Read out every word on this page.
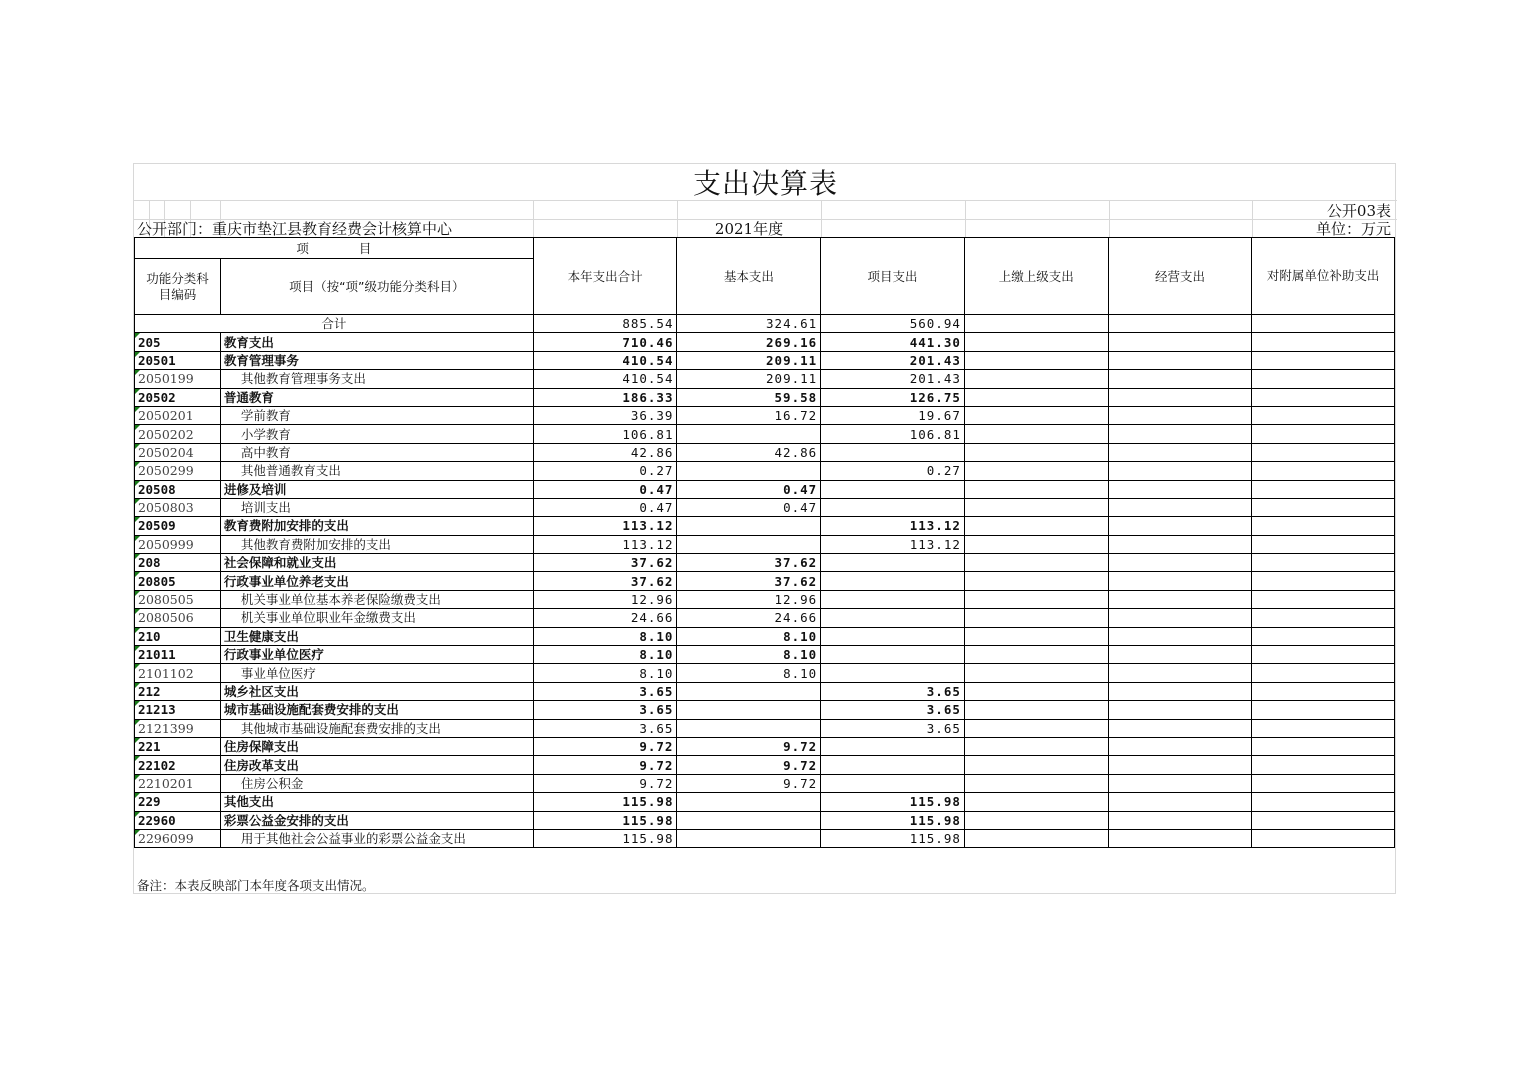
支出决算表
公开03表
公开部门：重庆市垫江县教育经费会计核算中心	2021年度	单位：万元
项　　　　目		本年支出合计	基本支出	项目支出	上缴上级支出	经营支出	对附属单位补助支出
功能分类科目编码	项目（按“项”级功能分类科目）						
合计		885.54	324.61	560.94			
205	教育支出	710.46	269.16	441.30			
20501	教育管理事务	410.54	209.11	201.43			
2050199	其他教育管理事务支出	410.54	209.11	201.43			
20502	普通教育	186.33	59.58	126.75			
2050201	学前教育	36.39	16.72	19.67			
2050202	小学教育	106.81		106.81			
2050204	高中教育	42.86	42.86				
2050299	其他普通教育支出	0.27		0.27			
20508	进修及培训	0.47	0.47				
2050803	培训支出	0.47	0.47				
20509	教育费附加安排的支出	113.12		113.12			
2050999	其他教育费附加安排的支出	113.12		113.12			
208	社会保障和就业支出	37.62	37.62				
20805	行政事业单位养老支出	37.62	37.62				
2080505	机关事业单位基本养老保险缴费支出	12.96	12.96				
2080506	机关事业单位职业年金缴费支出	24.66	24.66				
210	卫生健康支出	8.10	8.10				
21011	行政事业单位医疗	8.10	8.10				
2101102	事业单位医疗	8.10	8.10				
212	城乡社区支出	3.65		3.65			
21213	城市基础设施配套费安排的支出	3.65		3.65			
2121399	其他城市基础设施配套费安排的支出	3.65		3.65			
221	住房保障支出	9.72	9.72				
22102	住房改革支出	9.72	9.72				
2210201	住房公积金	9.72	9.72				
229	其他支出	115.98		115.98			
22960	彩票公益金安排的支出	115.98		115.98			
2296099	用于其他社会公益事业的彩票公益金支出	115.98		115.98			
备注：本表反映部门本年度各项支出情况。
